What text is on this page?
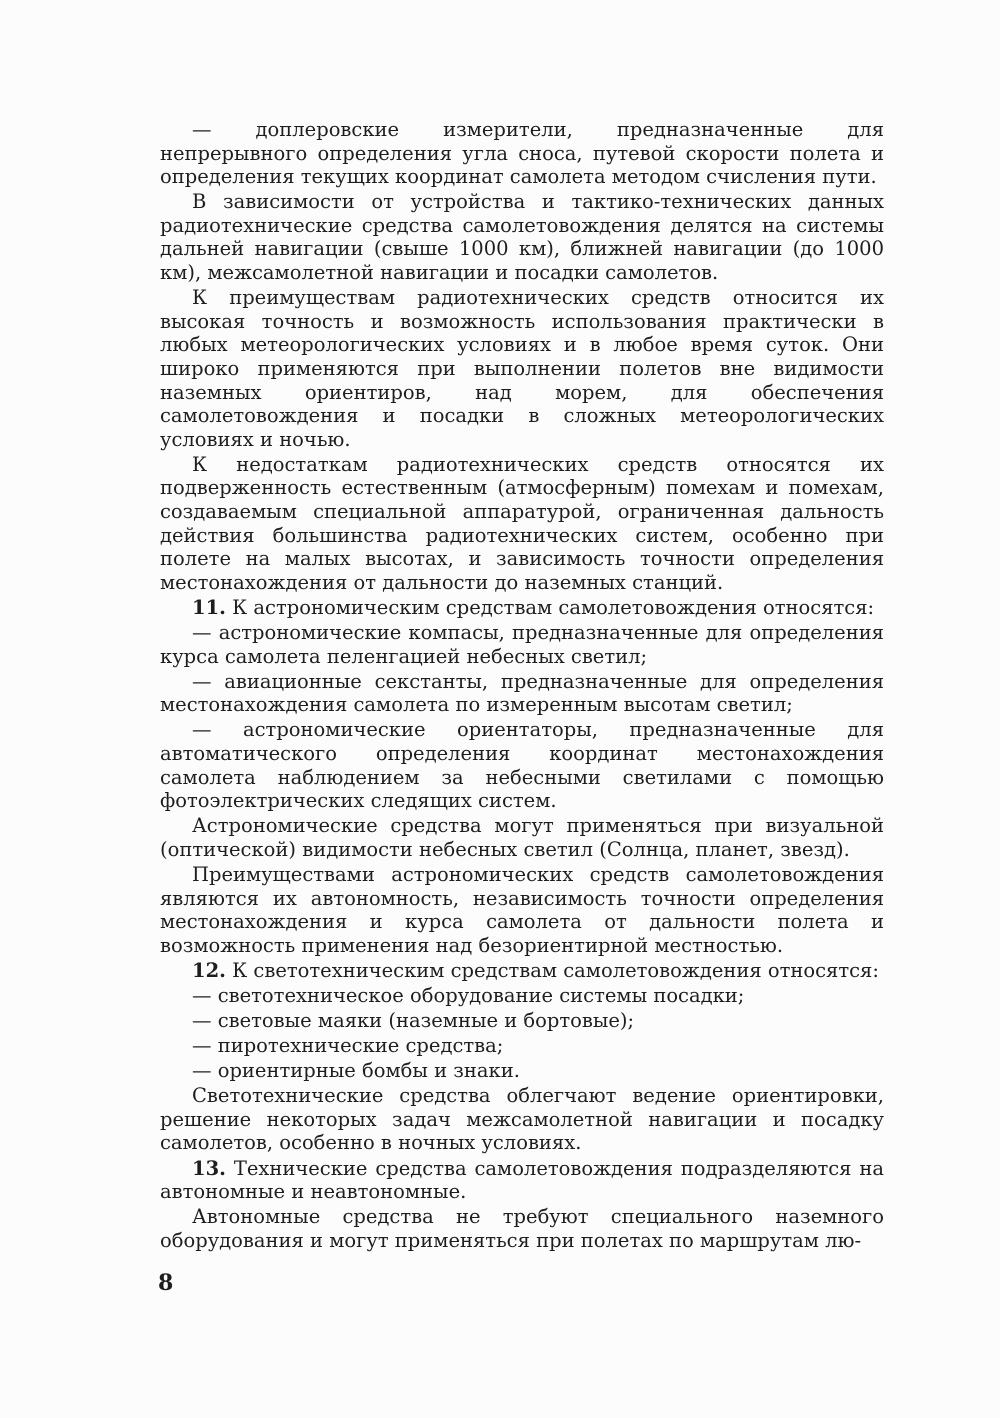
— доплеровские измерители, предназначенные для непрерывного определения угла сноса, путевой скорости полета и определения текущих координат самолета методом счисления пути.

В зависимости от устройства и тактико-технических данных радиотехнические средства самолетовождения делятся на системы дальней навигации (свыше 1000 км), ближней навигации (до 1000 км), межсамолетной навигации и посадки самолетов.

К преимуществам радиотехнических средств относится их высокая точность и возможность использования практически в любых метеорологических условиях и в любое время суток. Они широко применяются при выполнении полетов вне видимости наземных ориентиров, над морем, для обеспечения самолетовождения и посадки в сложных метеорологических условиях и ночью.

К недостаткам радиотехнических средств относятся их подверженность естественным (атмосферным) помехам и помехам, создаваемым специальной аппаратурой, ограниченная дальность действия большинства радиотехнических систем, особенно при полете на малых высотах, и зависимость точности определения местонахождения от дальности до наземных станций.

11. К астрономическим средствам самолетовождения относятся:

— астрономические компасы, предназначенные для определения курса самолета пеленгацией небесных светил;

— авиационные секстанты, предназначенные для определения местонахождения самолета по измеренным высотам светил;

— астрономические ориентаторы, предназначенные для автоматического определения координат местонахождения самолета наблюдением за небесными светилами с помощью фотоэлектрических следящих систем.

Астрономические средства могут применяться при визуальной (оптической) видимости небесных светил (Солнца, планет, звезд).

Преимуществами астрономических средств самолетовождения являются их автономность, независимость точности определения местонахождения и курса самолета от дальности полета и возможность применения над безориентирной местностью.

12. К светотехническим средствам самолетовождения относятся:

— светотехническое оборудование системы посадки;

— световые маяки (наземные и бортовые);

— пиротехнические средства;

— ориентирные бомбы и знаки.

Светотехнические средства облегчают ведение ориентировки, решение некоторых задач межсамолетной навигации и посадку самолетов, особенно в ночных условиях.

13. Технические средства самолетовождения подразделяются на автономные и неавтономные.

Автономные средства не требуют специального наземного оборудования и могут применяться при полетах по маршрутам лю-

8
